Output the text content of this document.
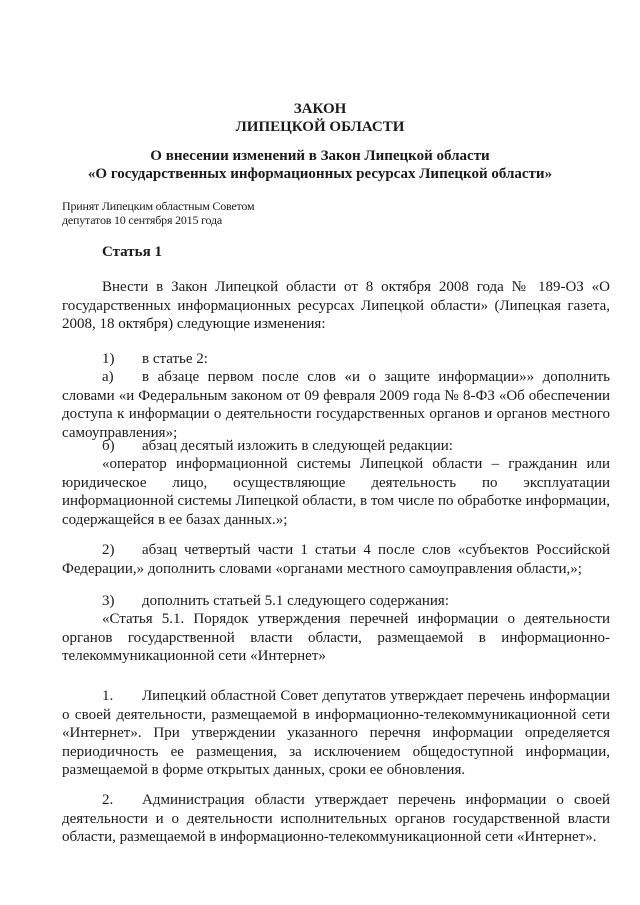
ЗАКОН

ЛИПЕЦКОЙ ОБЛАСТИ

О внесении изменений в Закон Липецкой области

«О государственных информационных ресурсах Липецкой области»

Принят Липецким областным Советом

депутатов 10 сентября 2015 года

Статья 1

Внести в Закон Липецкой области от 8 октября 2008 года № 189-ОЗ «О государственных информационных ресурсах Липецкой области» (Липецкая газета, 2008, 18 октября) следующие изменения:

1) в статье 2:

а) в абзаце первом после слов «и о защите информации»» дополнить словами «и Федеральным законом от 09 февраля 2009 года № 8-ФЗ «Об обеспечении доступа к информации о деятельности государственных органов и органов местного самоуправления»;

б) абзац десятый изложить в следующей редакции:

«оператор информационной системы Липецкой области – гражданин или юридическое лицо, осуществляющие деятельность по эксплуатации информационной системы Липецкой области, в том числе по обработке информации, содержащейся в ее базах данных.»;

2) абзац четвертый части 1 статьи 4 после слов «субъектов Российской Федерации,» дополнить словами «органами местного самоуправления области,»;

3) дополнить статьей 5.1 следующего содержания:

«Статья 5.1. Порядок утверждения перечней информации о деятельности органов государственной власти области, размещаемой в информационно-телекоммуникационной сети «Интернет»

1. Липецкий областной Совет депутатов утверждает перечень информации о своей деятельности, размещаемой в информационно-телекоммуникационной сети «Интернет». При утверждении указанного перечня информации определяется периодичность ее размещения, за исключением общедоступной информации, размещаемой в форме открытых данных, сроки ее обновления.

2. Администрация области утверждает перечень информации о своей деятельности и о деятельности исполнительных органов государственной власти области, размещаемой в информационно-телекоммуникационной сети «Интернет».
